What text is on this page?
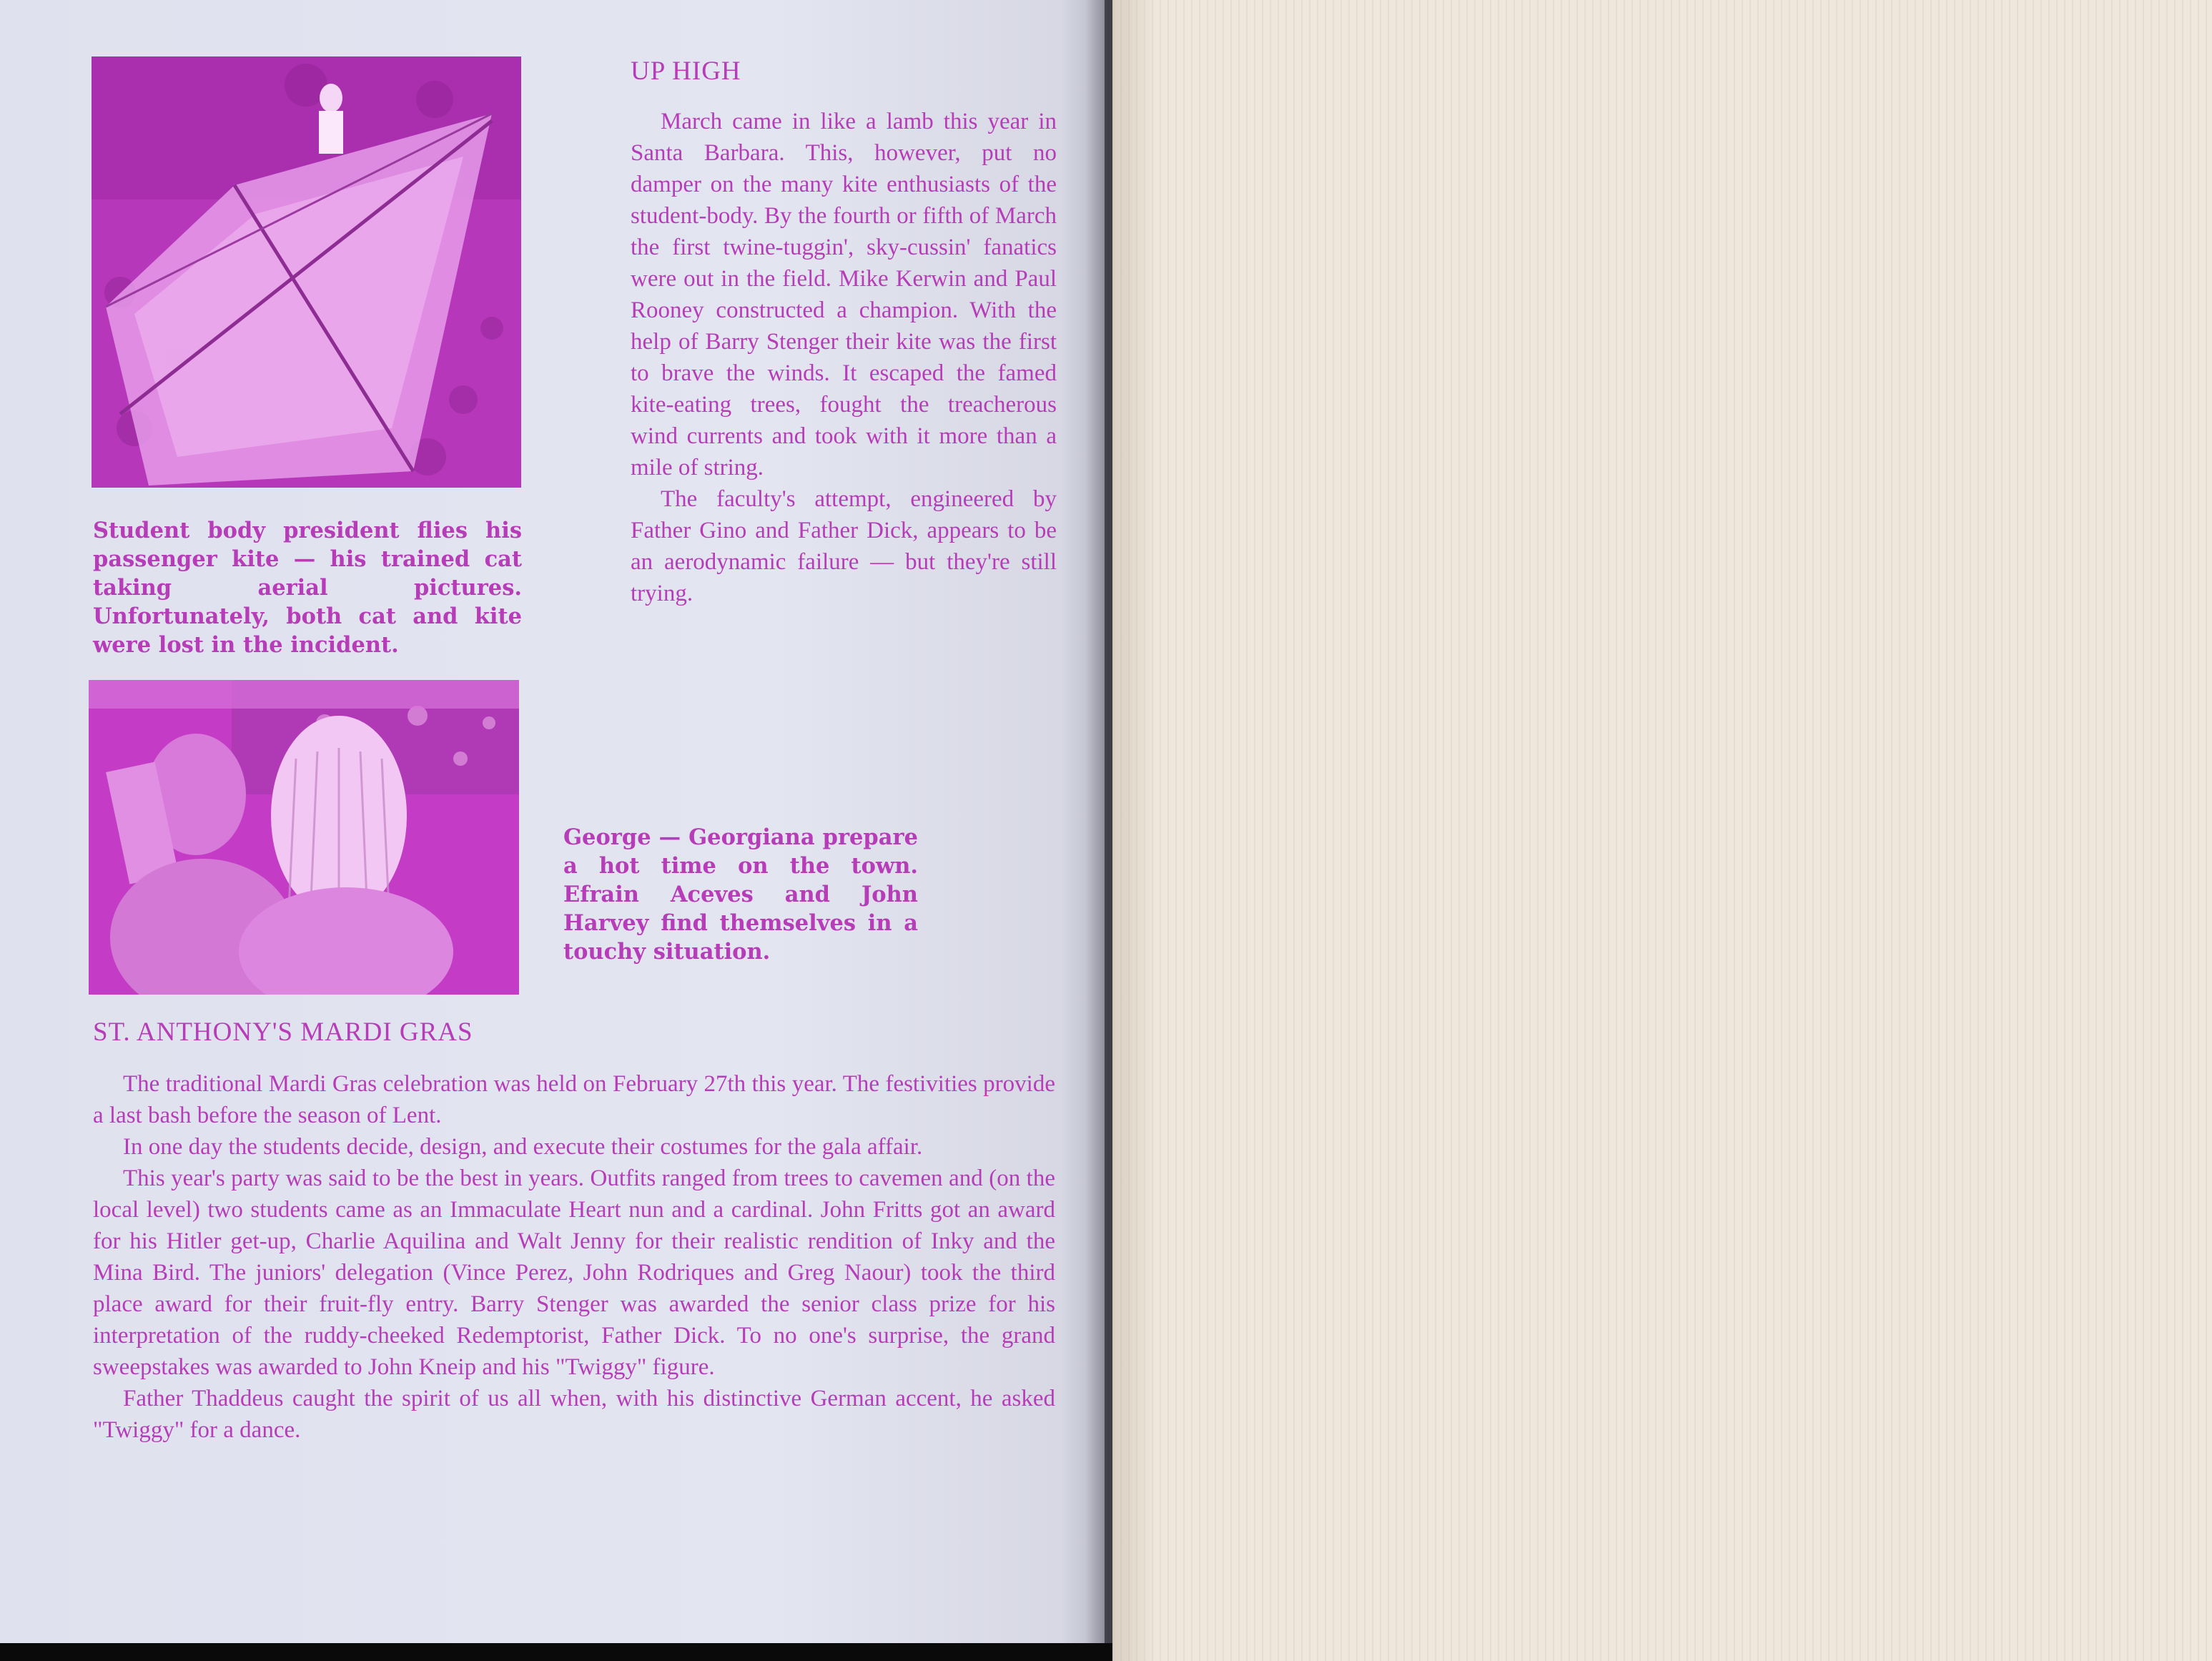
Student body president flies his passenger kite — his trained cat taking aerial pictures. Unfortunately, both cat and kite were lost in the incident.
George — Georgiana prepare a hot time on the town. Efrain Aceves and John Harvey find themselves in a touchy situation.
UP HIGH

March came in like a lamb this year in Santa Barbara. This, however, put no damper on the many kite enthusiasts of the student-body. By the fourth or fifth of March the first twine-tuggin', sky-cussin' fanatics were out in the field. Mike Kerwin and Paul Rooney constructed a champion. With the help of Barry Stenger their kite was the first to brave the winds. It escaped the famed kite-eating trees, fought the treacherous wind currents and took with it more than a mile of string.

The faculty's attempt, engineered by Father Gino and Father Dick, appears to be an aerodynamic failure — but they're still trying.

ST. ANTHONY'S MARDI GRAS

The traditional Mardi Gras celebration was held on February 27th this year. The festivities provide a last bash before the season of Lent.

In one day the students decide, design, and execute their costumes for the gala affair.

This year's party was said to be the best in years. Outfits ranged from trees to cavemen and (on the local level) two students came as an Immaculate Heart nun and a cardinal. John Fritts got an award for his Hitler get-up, Charlie Aquilina and Walt Jenny for their realistic rendition of Inky and the Mina Bird. The juniors' delegation (Vince Perez, John Rodriques and Greg Naour) took the third place award for their fruit-fly entry. Barry Stenger was awarded the senior class prize for his interpretation of the ruddy-cheeked Redemptorist, Father Dick. To no one's surprise, the grand sweepstakes was awarded to John Kneip and his "Twiggy" figure.

Father Thaddeus caught the spirit of us all when, with his distinctive German accent, he asked "Twiggy" for a dance.
